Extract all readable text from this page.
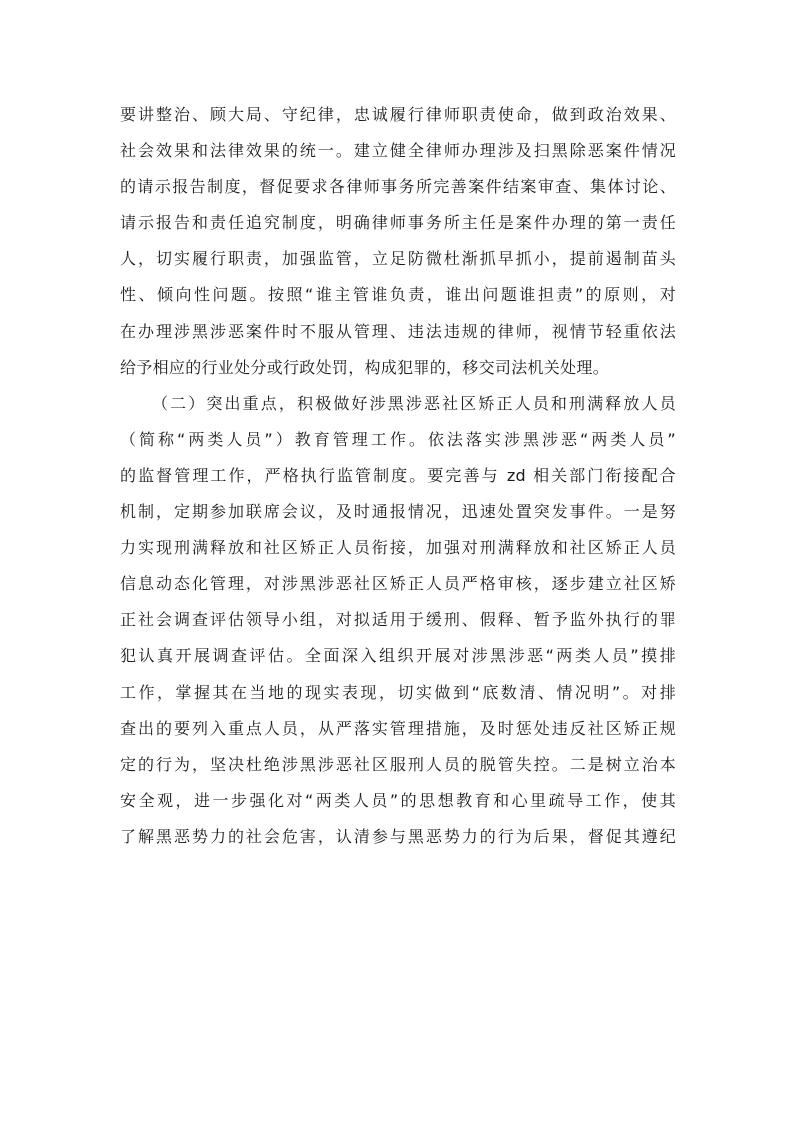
要讲整治、顾大局、守纪律，忠诚履行律师职责使命，做到政治效果、
社会效果和法律效果的统一。建立健全律师办理涉及扫黑除恶案件情况
的请示报告制度，督促要求各律师事务所完善案件结案审查、集体讨论、
请示报告和责任追究制度，明确律师事务所主任是案件办理的第一责任
人，切实履行职责，加强监管，立足防微杜渐抓早抓小，提前遏制苗头
性、倾向性问题。按照“谁主管谁负责，谁出问题谁担责”的原则，对
在办理涉黑涉恶案件时不服从管理、违法违规的律师，视情节轻重依法
给予相应的行业处分或行政处罚，构成犯罪的，移交司法机关处理。
（二）突出重点，积极做好涉黑涉恶社区矫正人员和刑满释放人员
（简称“两类人员”）教育管理工作。依法落实涉黑涉恶“两类人员”
的监督管理工作，严格执行监管制度。要完善与 zd 相关部门衔接配合
机制，定期参加联席会议，及时通报情况，迅速处置突发事件。一是努
力实现刑满释放和社区矫正人员衔接，加强对刑满释放和社区矫正人员
信息动态化管理，对涉黑涉恶社区矫正人员严格审核，逐步建立社区矫
正社会调查评估领导小组，对拟适用于缓刑、假释、暂予监外执行的罪
犯认真开展调查评估。全面深入组织开展对涉黑涉恶“两类人员”摸排
工作，掌握其在当地的现实表现，切实做到“底数清、情况明”。对排
查出的要列入重点人员，从严落实管理措施，及时惩处违反社区矫正规
定的行为，坚决杜绝涉黑涉恶社区服刑人员的脱管失控。二是树立治本
安全观，进一步强化对“两类人员”的思想教育和心里疏导工作，使其
了解黑恶势力的社会危害，认清参与黑恶势力的行为后果，督促其遵纪
